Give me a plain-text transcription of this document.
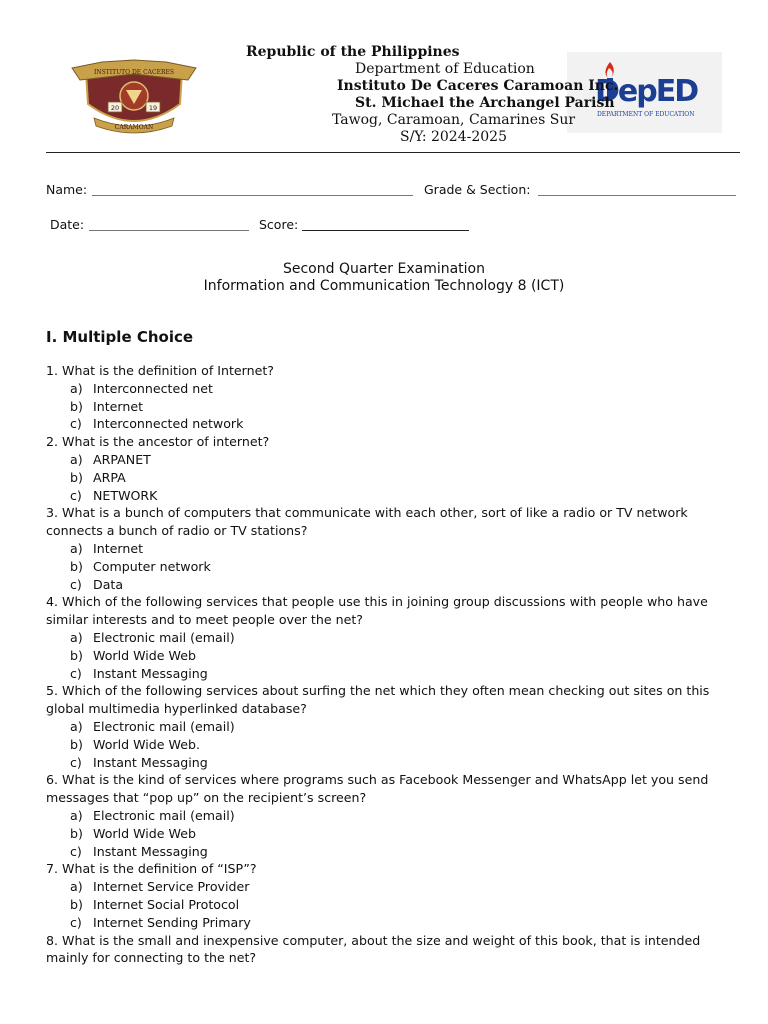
INSTITUTO DE CACERES
20	19
CARAMOAN
DepED
DEPARTMENT OF EDUCATION
Republic of the Philippines
Department of Education
Instituto De Caceres Caramoan Inc.
St. Michael the Archangel Parish
Tawog, Caramoan, Camarines Sur
S/Y: 2024-2025
Name:	Grade & Section:
Date:	Score:
Second Quarter Examination
Information and Communication Technology 8 (ICT)
I. Multiple Choice

1. What is the definition of Internet?

a) Interconnected net

b) Internet

c) Interconnected network

2. What is the ancestor of internet?

a) ARPANET

b) ARPA

c) NETWORK

3. What is a bunch of computers that communicate with each other, sort of like a radio or TV network connects a bunch of radio or TV stations?

a) Internet

b) Computer network

c) Data

4. Which of the following services that people use this in joining group discussions with people who have similar interests and to meet people over the net?

a) Electronic mail (email)

b) World Wide Web

c) Instant Messaging

5. Which of the following services about surfing the net which they often mean checking out sites on this global multimedia hyperlinked database?

a) Electronic mail (email)

b) World Wide Web.

c) Instant Messaging

6. What is the kind of services where programs such as Facebook Messenger and WhatsApp let you send messages that “pop up” on the recipient’s screen?

a) Electronic mail (email)

b) World Wide Web

c) Instant Messaging

7. What is the definition of “ISP”?

a) Internet Service Provider

b) Internet Social Protocol

c) Internet Sending Primary

8. What is the small and inexpensive computer, about the size and weight of this book, that is intended mainly for connecting to the net?
